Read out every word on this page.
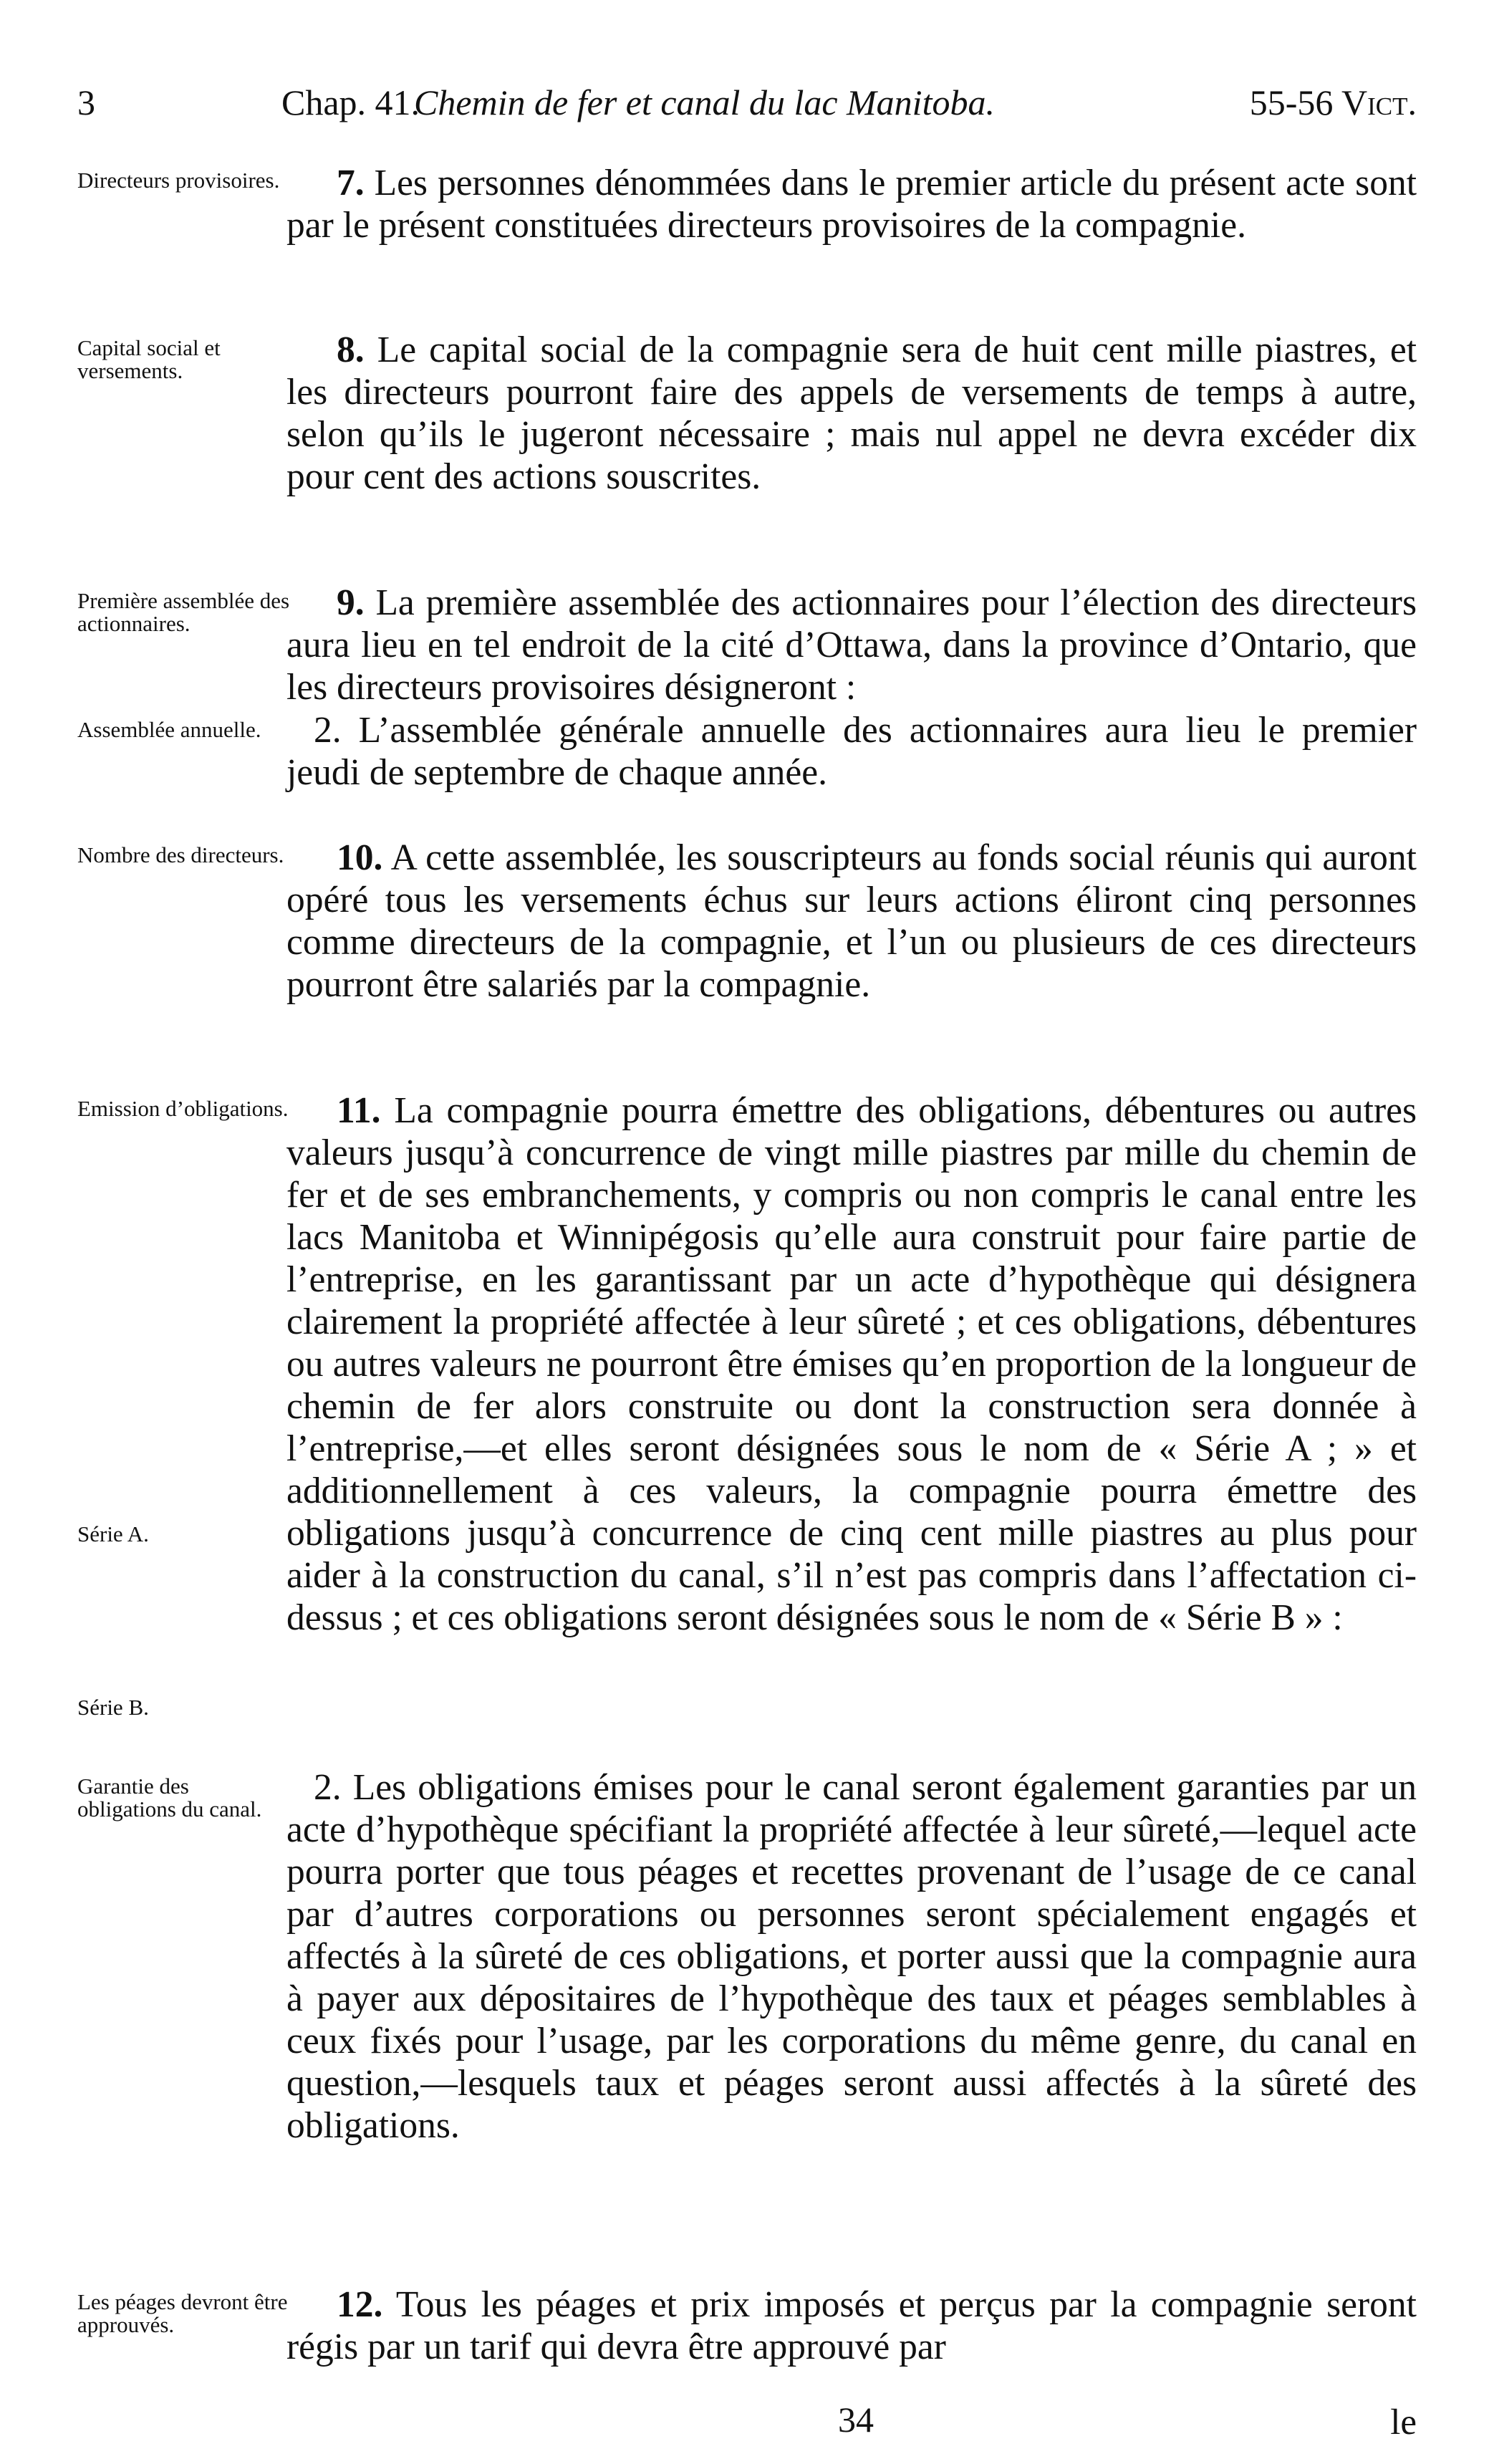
3	Chap. 41.
Chemin de fer et canal du lac Manitoba.	55-56 Vict.
Directeurs provisoires.
Capital social et versements.
Première assemblée des actionnaires.
Assemblée annuelle.
Nombre des directeurs.
Emission d’obligations.
Série A.
Série B.
Garantie des obligations du canal.
Les péages devront être approuvés.

7. Les personnes dénommées dans le premier article du présent acte sont par le présent constituées directeurs provisoires de la compagnie.

8. Le capital social de la compagnie sera de huit cent mille piastres, et les directeurs pourront faire des appels de versements de temps à autre, selon qu’ils le jugeront nécessaire ; mais nul appel ne devra excéder dix pour cent des actions souscrites.

9. La première assemblée des actionnaires pour l’élection des directeurs aura lieu en tel endroit de la cité d’Ottawa, dans la province d’Ontario, que les directeurs provisoires désigneront :

2. L’assemblée générale annuelle des actionnaires aura lieu le premier jeudi de septembre de chaque année.

10. A cette assemblée, les souscripteurs au fonds social réunis qui auront opéré tous les versements échus sur leurs actions éliront cinq personnes comme directeurs de la compagnie, et l’un ou plusieurs de ces directeurs pourront être salariés par la compagnie.

11. La compagnie pourra émettre des obligations, débentures ou autres valeurs jusqu’à concurrence de vingt mille piastres par mille du chemin de fer et de ses embranchements, y compris ou non compris le canal entre les lacs Manitoba et Winnipégosis qu’elle aura construit pour faire partie de l’entreprise, en les garantissant par un acte d’hypothèque qui désignera clairement la propriété affectée à leur sûreté ; et ces obligations, débentures ou autres valeurs ne pourront être émises qu’en proportion de la longueur de chemin de fer alors construite ou dont la construction sera donnée à l’entreprise,—et elles seront désignées sous le nom de « Série A ; » et additionnellement à ces valeurs, la compagnie pourra émettre des obligations jusqu’à concurrence de cinq cent mille piastres au plus pour aider à la construction du canal, s’il n’est pas compris dans l’affectation ci-dessus ; et ces obligations seront désignées sous le nom de « Série B » :

2. Les obligations émises pour le canal seront également garanties par un acte d’hypothèque spécifiant la propriété affectée à leur sûreté,—lequel acte pourra porter que tous péages et recettes provenant de l’usage de ce canal par d’autres corporations ou personnes seront spécialement engagés et affectés à la sûreté de ces obligations, et porter aussi que la compagnie aura à payer aux dépositaires de l’hypothèque des taux et péages semblables à ceux fixés pour l’usage, par les corporations du même genre, du canal en question,—lesquels taux et péages seront aussi affectés à la sûreté des obligations.

12. Tous les péages et prix imposés et perçus par la compagnie seront régis par un tarif qui devra être approuvé par

34	le
